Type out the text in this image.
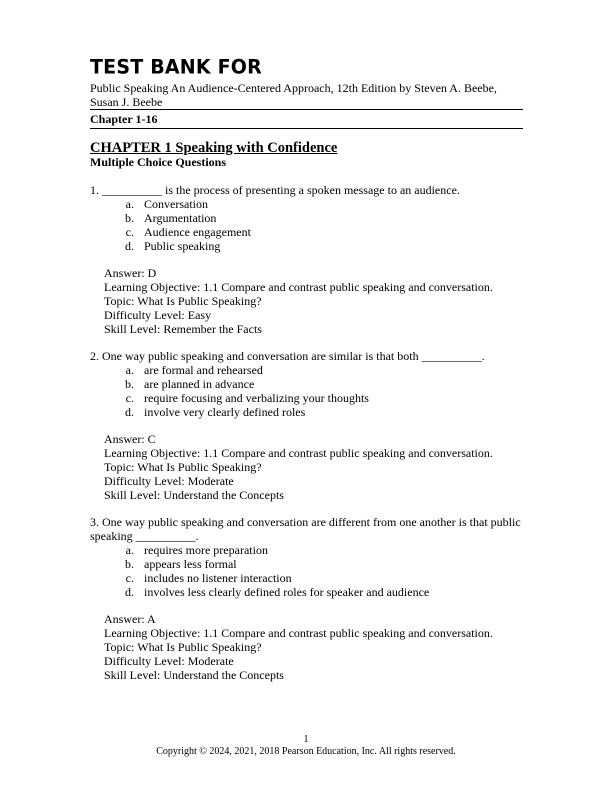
TEST BANK FOR
Public Speaking An Audience-Centered Approach, 12th Edition by Steven A. Beebe,
Susan J. Beebe
Chapter 1-16
CHAPTER 1 Speaking with Confidence
Multiple Choice Questions
1. __________ is the process of presenting a spoken message to an audience.
a. Conversation
b. Argumentation
c. Audience engagement
d. Public speaking
Answer: D
Learning Objective: 1.1 Compare and contrast public speaking and conversation.
Topic: What Is Public Speaking?
Difficulty Level: Easy
Skill Level: Remember the Facts
2. One way public speaking and conversation are similar is that both __________.
a. are formal and rehearsed
b. are planned in advance
c. require focusing and verbalizing your thoughts
d. involve very clearly defined roles
Answer: C
Learning Objective: 1.1 Compare and contrast public speaking and conversation.
Topic: What Is Public Speaking?
Difficulty Level: Moderate
Skill Level: Understand the Concepts
3. One way public speaking and conversation are different from one another is that public
speaking __________.
a. requires more preparation
b. appears less formal
c. includes no listener interaction
d. involves less clearly defined roles for speaker and audience
Answer: A
Learning Objective: 1.1 Compare and contrast public speaking and conversation.
Topic: What Is Public Speaking?
Difficulty Level: Moderate
Skill Level: Understand the Concepts
1
Copyright © 2024, 2021, 2018 Pearson Education, Inc. All rights reserved.
